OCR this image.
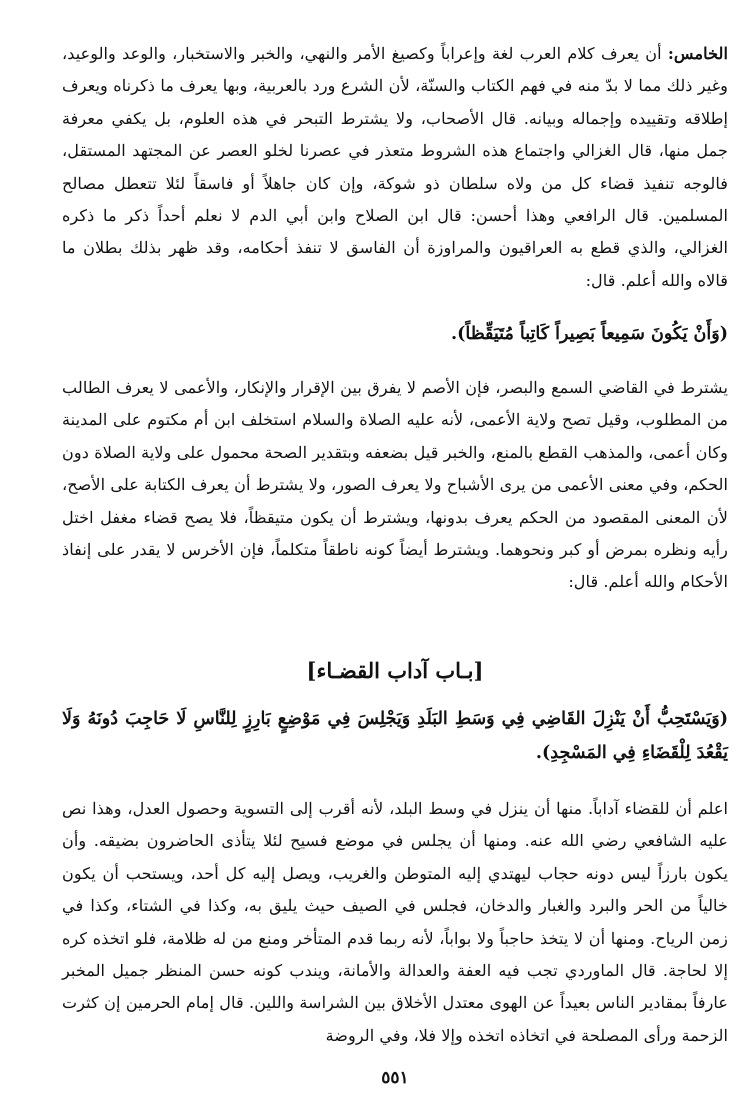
الخامس: أن يعرف كلام العرب لغة وإعراباً وكصيغ الأمر والنهي، والخبر والاستخبار، والوعد والوعيد، وغير ذلك مما لا بدّ منه في فهم الكتاب والسنّة، لأن الشرع ورد بالعربية، وبها يعرف ما ذكرناه ويعرف إطلاقه وتقييده وإجماله وبيانه. قال الأصحاب، ولا يشترط التبحر في هذه العلوم، بل يكفي معرفة جمل منها، قال الغزالي واجتماع هذه الشروط متعذر في عصرنا لخلو العصر عن المجتهد المستقل، فالوجه تنفيذ قضاء كل من ولاه سلطان ذو شوكة، وإن كان جاهلاً أو فاسقاً لئلا تتعطل مصالح المسلمين. قال الرافعي وهذا أحسن: قال ابن الصلاح وابن أبي الدم لا نعلم أحداً ذكر ما ذكره الغزالي، والذي قطع به العراقيون والمراوزة أن الفاسق لا تنفذ أحكامه، وقد ظهر بذلك بطلان ما قالاه والله أعلم. قال:

(وَأَنْ يَكُونَ سَمِيعاً بَصِيراً كَاتِباً مُتَيَقِّظاً).

يشترط في القاضي السمع والبصر، فإن الأصم لا يفرق بين الإقرار والإنكار، والأعمى لا يعرف الطالب من المطلوب، وقيل تصح ولاية الأعمى، لأنه عليه الصلاة والسلام استخلف ابن أم مكتوم على المدينة وكان أعمى، والمذهب القطع بالمنع، والخبر قيل بضعفه وبتقدير الصحة محمول على ولاية الصلاة دون الحكم، وفي معنى الأعمى من يرى الأشباح ولا يعرف الصور، ولا يشترط أن يعرف الكتابة على الأصح، لأن المعنى المقصود من الحكم يعرف بدونها، ويشترط أن يكون متيقظاً، فلا يصح قضاء مغفل اختل رأيه ونظره بمرض أو كبر ونحوهما. ويشترط أيضاً كونه ناطقاً متكلماً، فإن الأخرس لا يقدر على إنفاذ الأحكام والله أعلم. قال:

[بـاب آداب القضـاء]

(وَيَسْتَحِبُّ أَنْ يَنْزِلَ القَاضِي فِي وَسَطِ البَلَدِ وَيَجْلِسَ فِي مَوْضِعٍ بَارِزٍ لِلنَّاسِ لَا حَاجِبَ دُونَهُ وَلَا يَقْعُدَ لِلْقَضَاءِ فِي المَسْجِدِ).

اعلم أن للقضاء آداباً. منها أن ينزل في وسط البلد، لأنه أقرب إلى التسوية وحصول العدل، وهذا نص عليه الشافعي رضي الله عنه. ومنها أن يجلس في موضع فسيح لئلا يتأذى الحاضرون بضيقه. وأن يكون بارزاً ليس دونه حجاب ليهتدي إليه المتوطن والغريب، ويصل إليه كل أحد، ويستحب أن يكون خالياً من الحر والبرد والغبار والدخان، فجلس في الصيف حيث يليق به، وكذا في الشتاء، وكذا في زمن الرياح. ومنها أن لا يتخذ حاجباً ولا بواباً، لأنه ربما قدم المتأخر ومنع من له ظلامة، فلو اتخذه كره إلا لحاجة. قال الماوردي تجب فيه العفة والعدالة والأمانة، ويندب كونه حسن المنظر جميل المخبر عارفاً بمقادير الناس بعيداً عن الهوى معتدل الأخلاق بين الشراسة واللين. قال إمام الحرمين إن كثرت الزحمة ورأى المصلحة في اتخاذه اتخذه وإلا فلا، وفي الروضة

٥٥١
